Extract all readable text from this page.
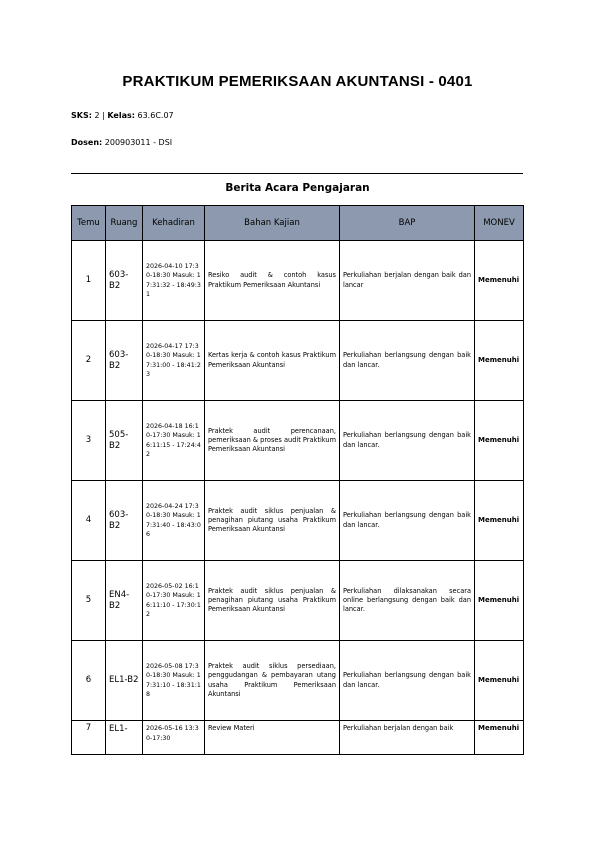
PRAKTIKUM PEMERIKSAAN AKUNTANSI - 0401
SKS: 2 | Kelas: 63.6C.07
Dosen: 200903011 - DSI
Berita Acara Pengajaran
Temu	Ruang	Kehadiran	Bahan Kajian	BAP	MONEV
1	603-B2	2026-04-10 17:30-18:30 Masuk: 17:31:32 - 18:49:31	Resiko audit & contoh kasus Praktikum Pemeriksaan Akuntansi	Perkuliahan berjalan dengan baik dan lancar	Memenuhi
2	603-B2	2026-04-17 17:30-18:30 Masuk: 17:31:00 - 18:41:23	Kertas kerja & contoh kasus Praktikum Pemeriksaan Akuntansi	Perkuliahan berlangsung dengan baik dan lancar.	Memenuhi
3	505-B2	2026-04-18 16:10-17:30 Masuk: 16:11:15 - 17:24:42	Praktek audit perencanaan, pemeriksaan & proses audit Praktikum Pemeriksaan Akuntansi	Perkuliahan berlangsung dengan baik dan lancar.	Memenuhi
4	603-B2	2026-04-24 17:30-18:30 Masuk: 17:31:40 - 18:43:06	Praktek audit siklus penjualan & penagihan piutang usaha Praktikum Pemeriksaan Akuntansi	Perkuliahan berlangsung dengan baik dan lancar.	Memenuhi
5	EN4-B2	2026-05-02 16:10-17:30 Masuk: 16:11:10 - 17:30:12	Praktek audit siklus penjualan & penagihan piutang usaha Praktikum Pemeriksaan Akuntansi	Perkuliahan dilaksanakan secara online berlangsung dengan baik dan lancar.	Memenuhi
6	EL1-B2	2026-05-08 17:30-18:30 Masuk: 17:31:10 - 18:31:18	Praktek audit siklus persediaan, penggudangan & pembayaran utang usaha Praktikum Pemeriksaan Akuntansi	Perkuliahan berlangsung dengan baik dan lancar.	Memenuhi
7	EL1-	2026-05-16 13:30-17:30	Review Materi	Perkuliahan berjalan dengan baik	Memenuhi
